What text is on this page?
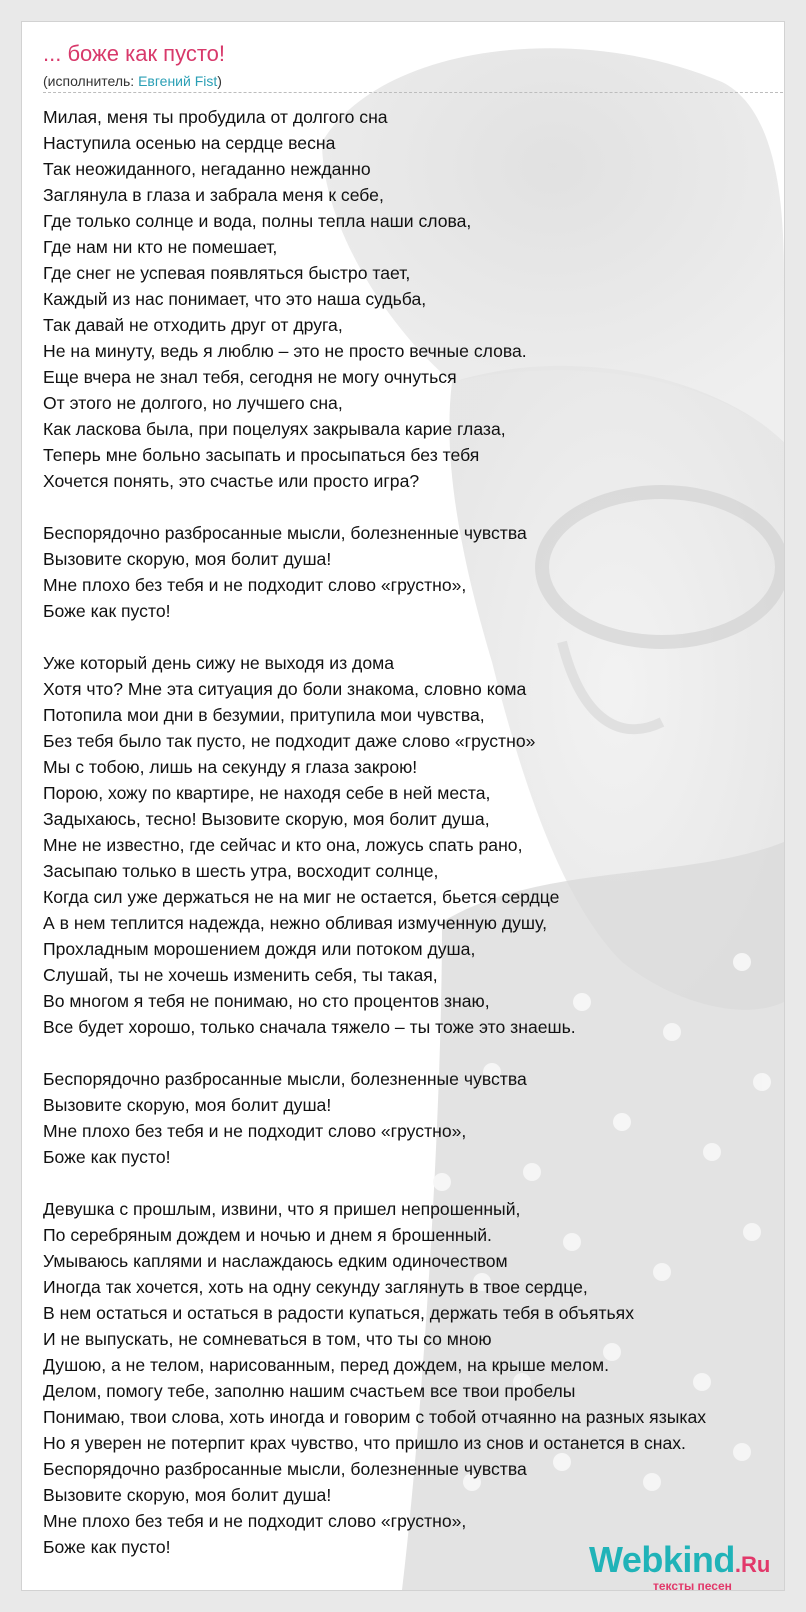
... боже как пусто!
(исполнитель: Евгений Fist)
Милая, меня ты пробудила от долгого сна
Наступила осенью на сердце весна
Так неожиданного, негаданно нежданно
Заглянула в глаза и забрала меня к себе,
Где только солнце и вода, полны тепла наши слова,
Где нам ни кто не помешает,
Где снег не успевая появляться быстро тает,
Каждый из нас понимает, что это наша судьба,
Так давай не отходить друг от друга,
Не на минуту, ведь я люблю – это не просто вечные слова.
Еще вчера не знал тебя, сегодня не могу очнуться
От этого не долгого, но лучшего сна,
Как ласкова была, при поцелуях закрывала карие глаза,
Теперь мне больно засыпать и просыпаться без тебя
Хочется понять, это счастье или просто игра?
Беспорядочно разбросанные мысли, болезненные чувства
Вызовите скорую, моя болит душа!
Мне плохо без тебя и не подходит слово «грустно»,
Боже как пусто!
Уже который день сижу не выходя из дома
Хотя что? Мне эта ситуация до боли знакома, словно кома
Потопила мои дни в безумии, притупила мои чувства,
Без тебя было так пусто, не подходит даже слово «грустно»
Мы с тобою, лишь на секунду я глаза закрою!
Порою, хожу по квартире, не находя себе в ней места,
Задыхаюсь, тесно! Вызовите скорую, моя болит душа,
Мне не известно, где сейчас и кто она, ложусь спать рано,
Засыпаю только в шесть утра, восходит солнце,
Когда сил уже держаться не на миг не остается, бьется сердце
А в нем теплится надежда, нежно обливая измученную душу,
Прохладным морошением дождя или потоком душа,
Слушай, ты не хочешь изменить себя, ты такая,
Во многом я тебя не понимаю, но сто процентов знаю,
Все будет хорошо, только сначала тяжело – ты тоже это знаешь.
Беспорядочно разбросанные мысли, болезненные чувства
Вызовите скорую, моя болит душа!
Мне плохо без тебя и не подходит слово «грустно»,
Боже как пусто!
Девушка с прошлым, извини, что я пришел непрошенный,
По серебряным дождем и ночью и днем я брошенный.
Умываюсь каплями и наслаждаюсь едким одиночеством
Иногда так хочется, хоть на одну секунду заглянуть в твое сердце,
В нем остаться и остаться в радости купаться, держать тебя в объятьях
И не выпускать, не сомневаться в том, что ты со мною
Душою, а не телом, нарисованным, перед дождем, на крыше мелом.
Делом, помогу тебе, заполню нашим счастьем все твои пробелы
Понимаю, твои слова, хоть иногда и говорим с тобой отчаянно на разных языках
Но я уверен не потерпит крах чувство, что пришло из снов и останется в снах.
Беспорядочно разбросанные мысли, болезненные чувства
Вызовите скорую, моя болит душа!
Мне плохо без тебя и не подходит слово «грустно»,
Боже как пусто!	Webkind.Ru
тексты песен
